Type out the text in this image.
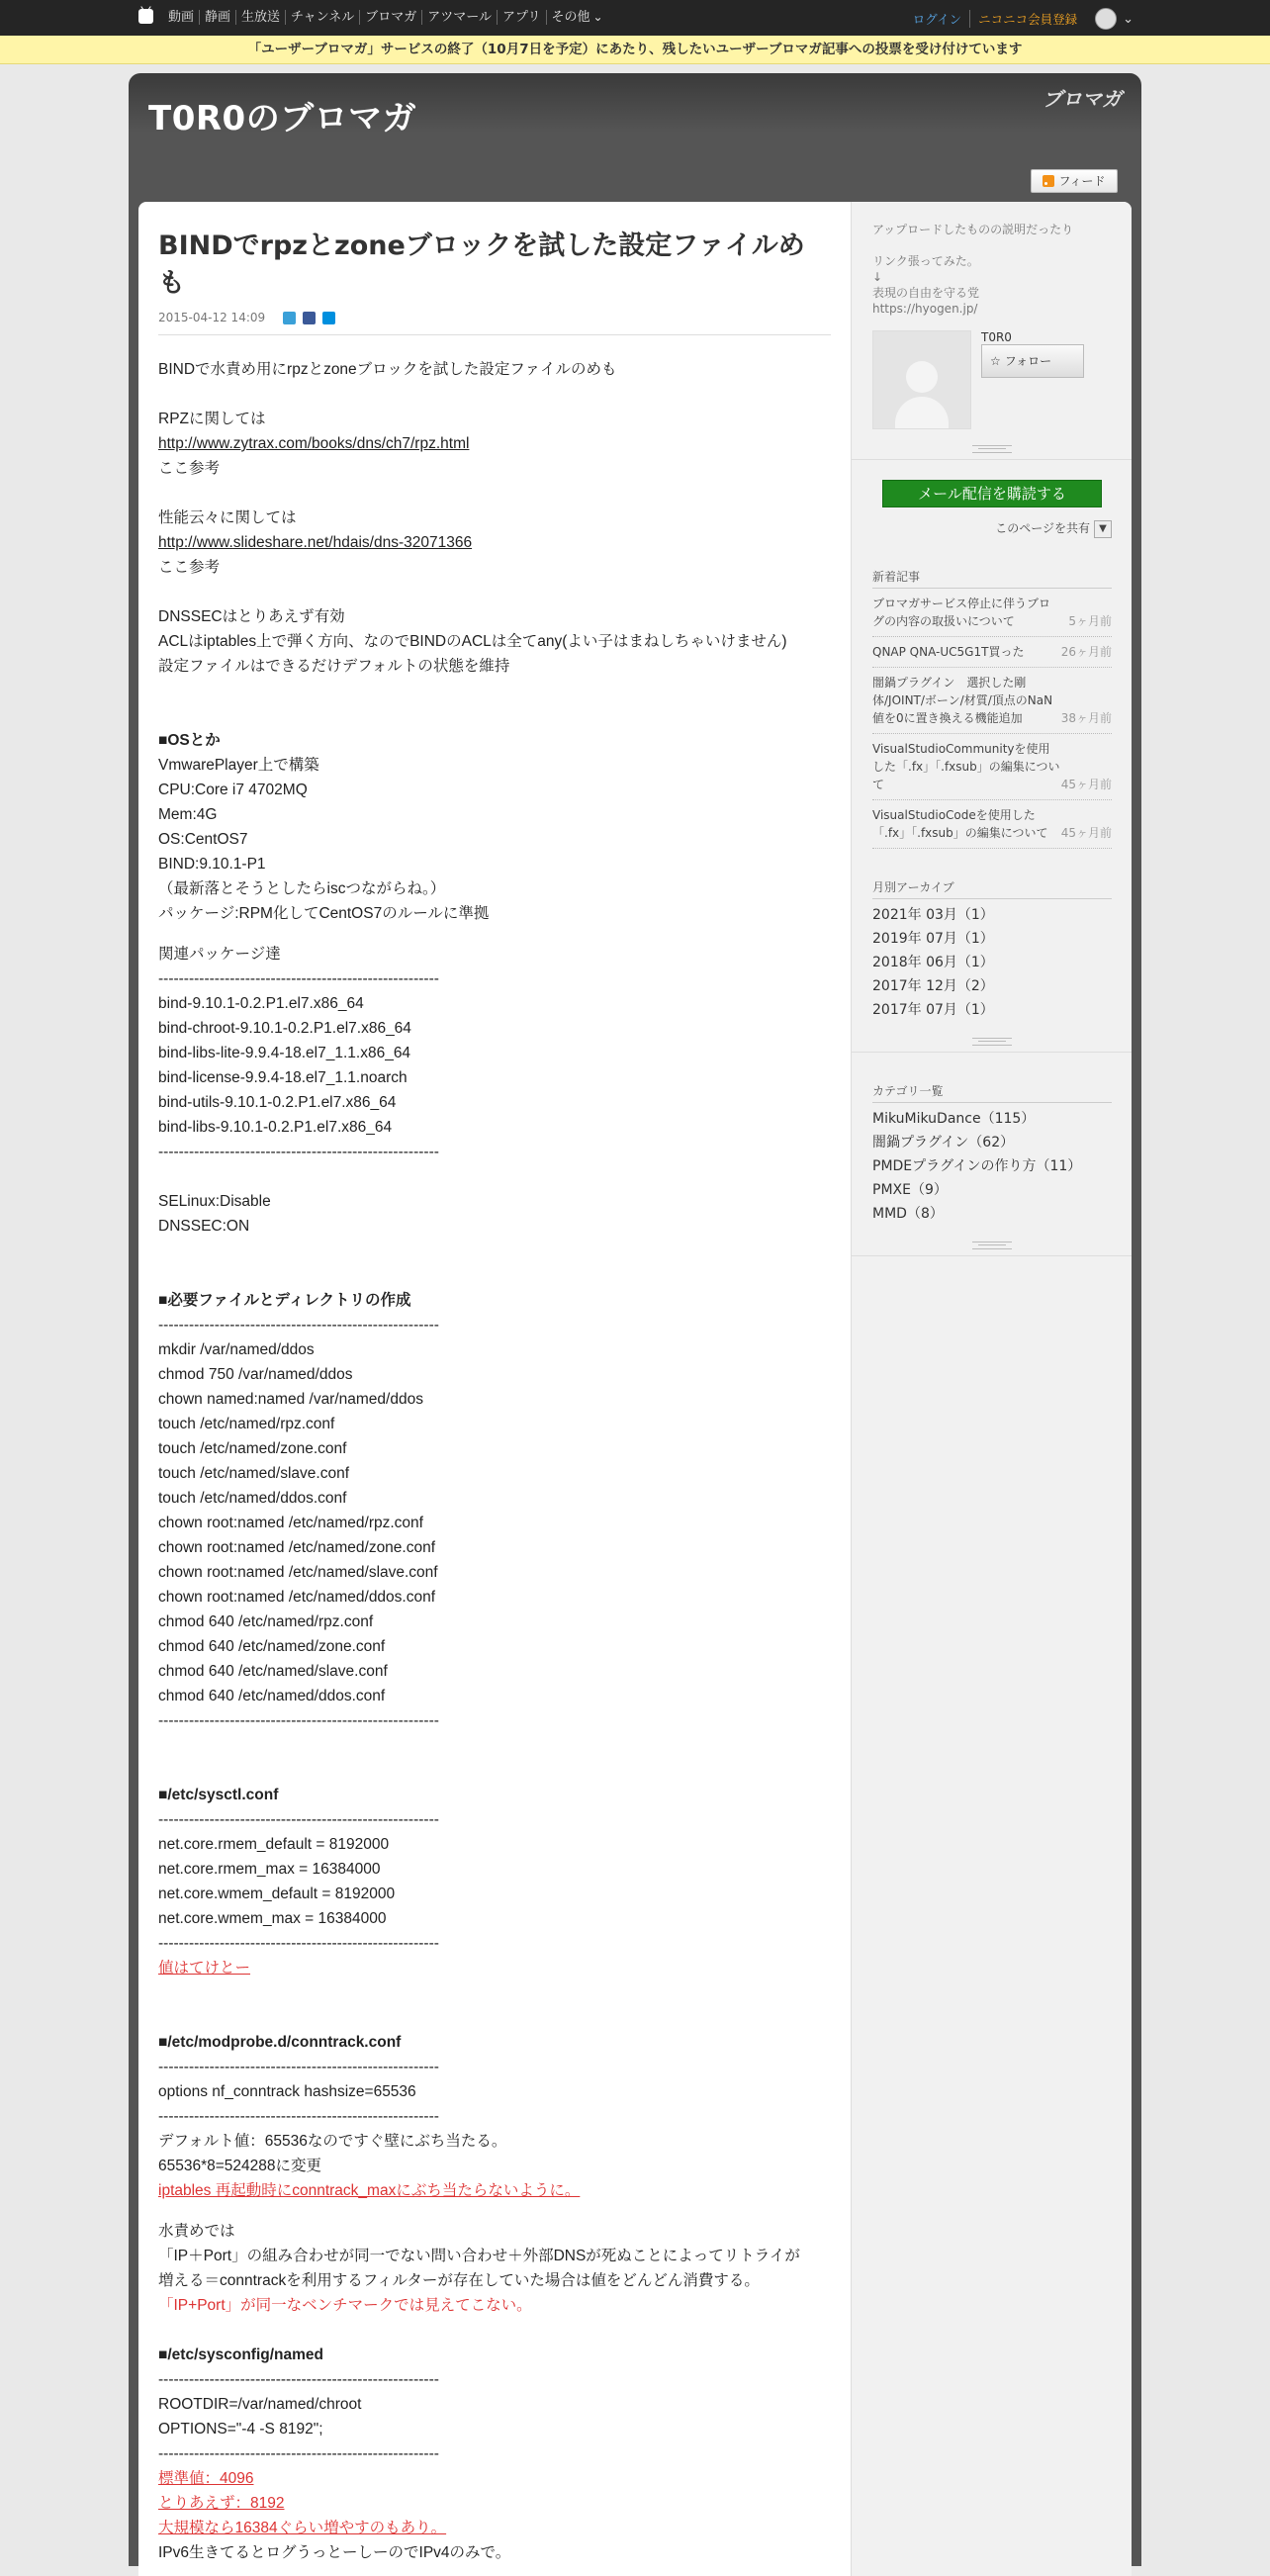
動画 静画 生放送 チャンネル ブロマガ アツマール アプリ その他 ⌄	ログイン	ニコニコ会員登録	⌄
「ユーザーブロマガ」サービスの終了（10月7日を予定）にあたり、残したいユーザーブロマガ記事への投票を受け付けています
T0R0のブロマガ	ブロマガ
フィード
BINDでrpzとzoneブロックを試した設定ファイルめも
2015-04-12 14:09
BINDで水責め用にrpzとzoneブロックを試した設定ファイルのめも
RPZに関しては
http://www.zytrax.com/books/dns/ch7/rpz.html
ここ参考
性能云々に関しては
http://www.slideshare.net/hdais/dns-32071366
ここ参考
DNSSECはとりあえず有効
ACLはiptables上で弾く方向、なのでBINDのACLは全てany(よい子はまねしちゃいけません)
設定ファイルはできるだけデフォルトの状態を維持
■OSとか
VmwarePlayer上で構築
CPU:Core i7 4702MQ
Mem:4G
OS:CentOS7
BIND:9.10.1-P1
（最新落とそうとしたらiscつながらね。）
パッケージ:RPM化してCentOS7のルールに準拠
関連パッケージ達
-------------------------------------------------------
bind-9.10.1-0.2.P1.el7.x86_64
bind-chroot-9.10.1-0.2.P1.el7.x86_64
bind-libs-lite-9.9.4-18.el7_1.1.x86_64
bind-license-9.9.4-18.el7_1.1.noarch
bind-utils-9.10.1-0.2.P1.el7.x86_64
bind-libs-9.10.1-0.2.P1.el7.x86_64
-------------------------------------------------------
SELinux:Disable
DNSSEC:ON
■必要ファイルとディレクトリの作成
-------------------------------------------------------
mkdir /var/named/ddos
chmod 750 /var/named/ddos
chown named:named /var/named/ddos
touch /etc/named/rpz.conf
touch /etc/named/zone.conf
touch /etc/named/slave.conf
touch /etc/named/ddos.conf
chown root:named /etc/named/rpz.conf
chown root:named /etc/named/zone.conf
chown root:named /etc/named/slave.conf
chown root:named /etc/named/ddos.conf
chmod 640 /etc/named/rpz.conf
chmod 640 /etc/named/zone.conf
chmod 640 /etc/named/slave.conf
chmod 640 /etc/named/ddos.conf
-------------------------------------------------------
■/etc/sysctl.conf
-------------------------------------------------------
net.core.rmem_default = 8192000
net.core.rmem_max = 16384000
net.core.wmem_default = 8192000
net.core.wmem_max = 16384000
-------------------------------------------------------
値はてけとー
■/etc/modprobe.d/conntrack.conf
-------------------------------------------------------
options nf_conntrack hashsize=65536
-------------------------------------------------------
デフォルト値：65536なのですぐ壁にぶち当たる。
65536*8=524288に変更
iptables 再起動時にconntrack_maxにぶち当たらないように。
水責めでは
「IP＋Port」の組み合わせが同一でない問い合わせ＋外部DNSが死ぬことによってリトライが
増える＝conntrackを利用するフィルターが存在していた場合は値をどんどん消費する。
「IP+Port」が同一なベンチマークでは見えてこない。
■/etc/sysconfig/named
-------------------------------------------------------
ROOTDIR=/var/named/chroot
OPTIONS="-4 -S 8192";
-------------------------------------------------------
標準値：4096
とりあえず：8192
大規模なら16384ぐらい増やすのもあり。
IPv6生きてるとログうっとーしーのでIPv4のみで。
アップロードしたものの説明だったり
リンク張ってみた。
↓
表現の自由を守る党
https://hyogen.jp/
T0R0
☆ フォロー
メール配信を購読する
このページを共有 ▼
新着記事
ブロマガサービス停止に伴うブログの内容の取扱いについて	5ヶ月前
QNAP QNA-UC5G1T買った	26ヶ月前
闇鍋プラグイン　選択した剛体/JOINT/ボーン/材質/頂点のNaN値を0に置き換える機能追加	38ヶ月前
VisualStudioCommunityを使用した「.fx」「.fxsub」の編集について	45ヶ月前
VisualStudioCodeを使用した「.fx」「.fxsub」の編集について	45ヶ月前
月別アーカイブ
2021年 03月（1）
2019年 07月（1）
2018年 06月（1）
2017年 12月（2）
2017年 07月（1）
カテゴリ一覧
MikuMikuDance（115）
闇鍋プラグイン（62）
PMDEプラグインの作り方（11）
PMXE（9）
MMD（8）
